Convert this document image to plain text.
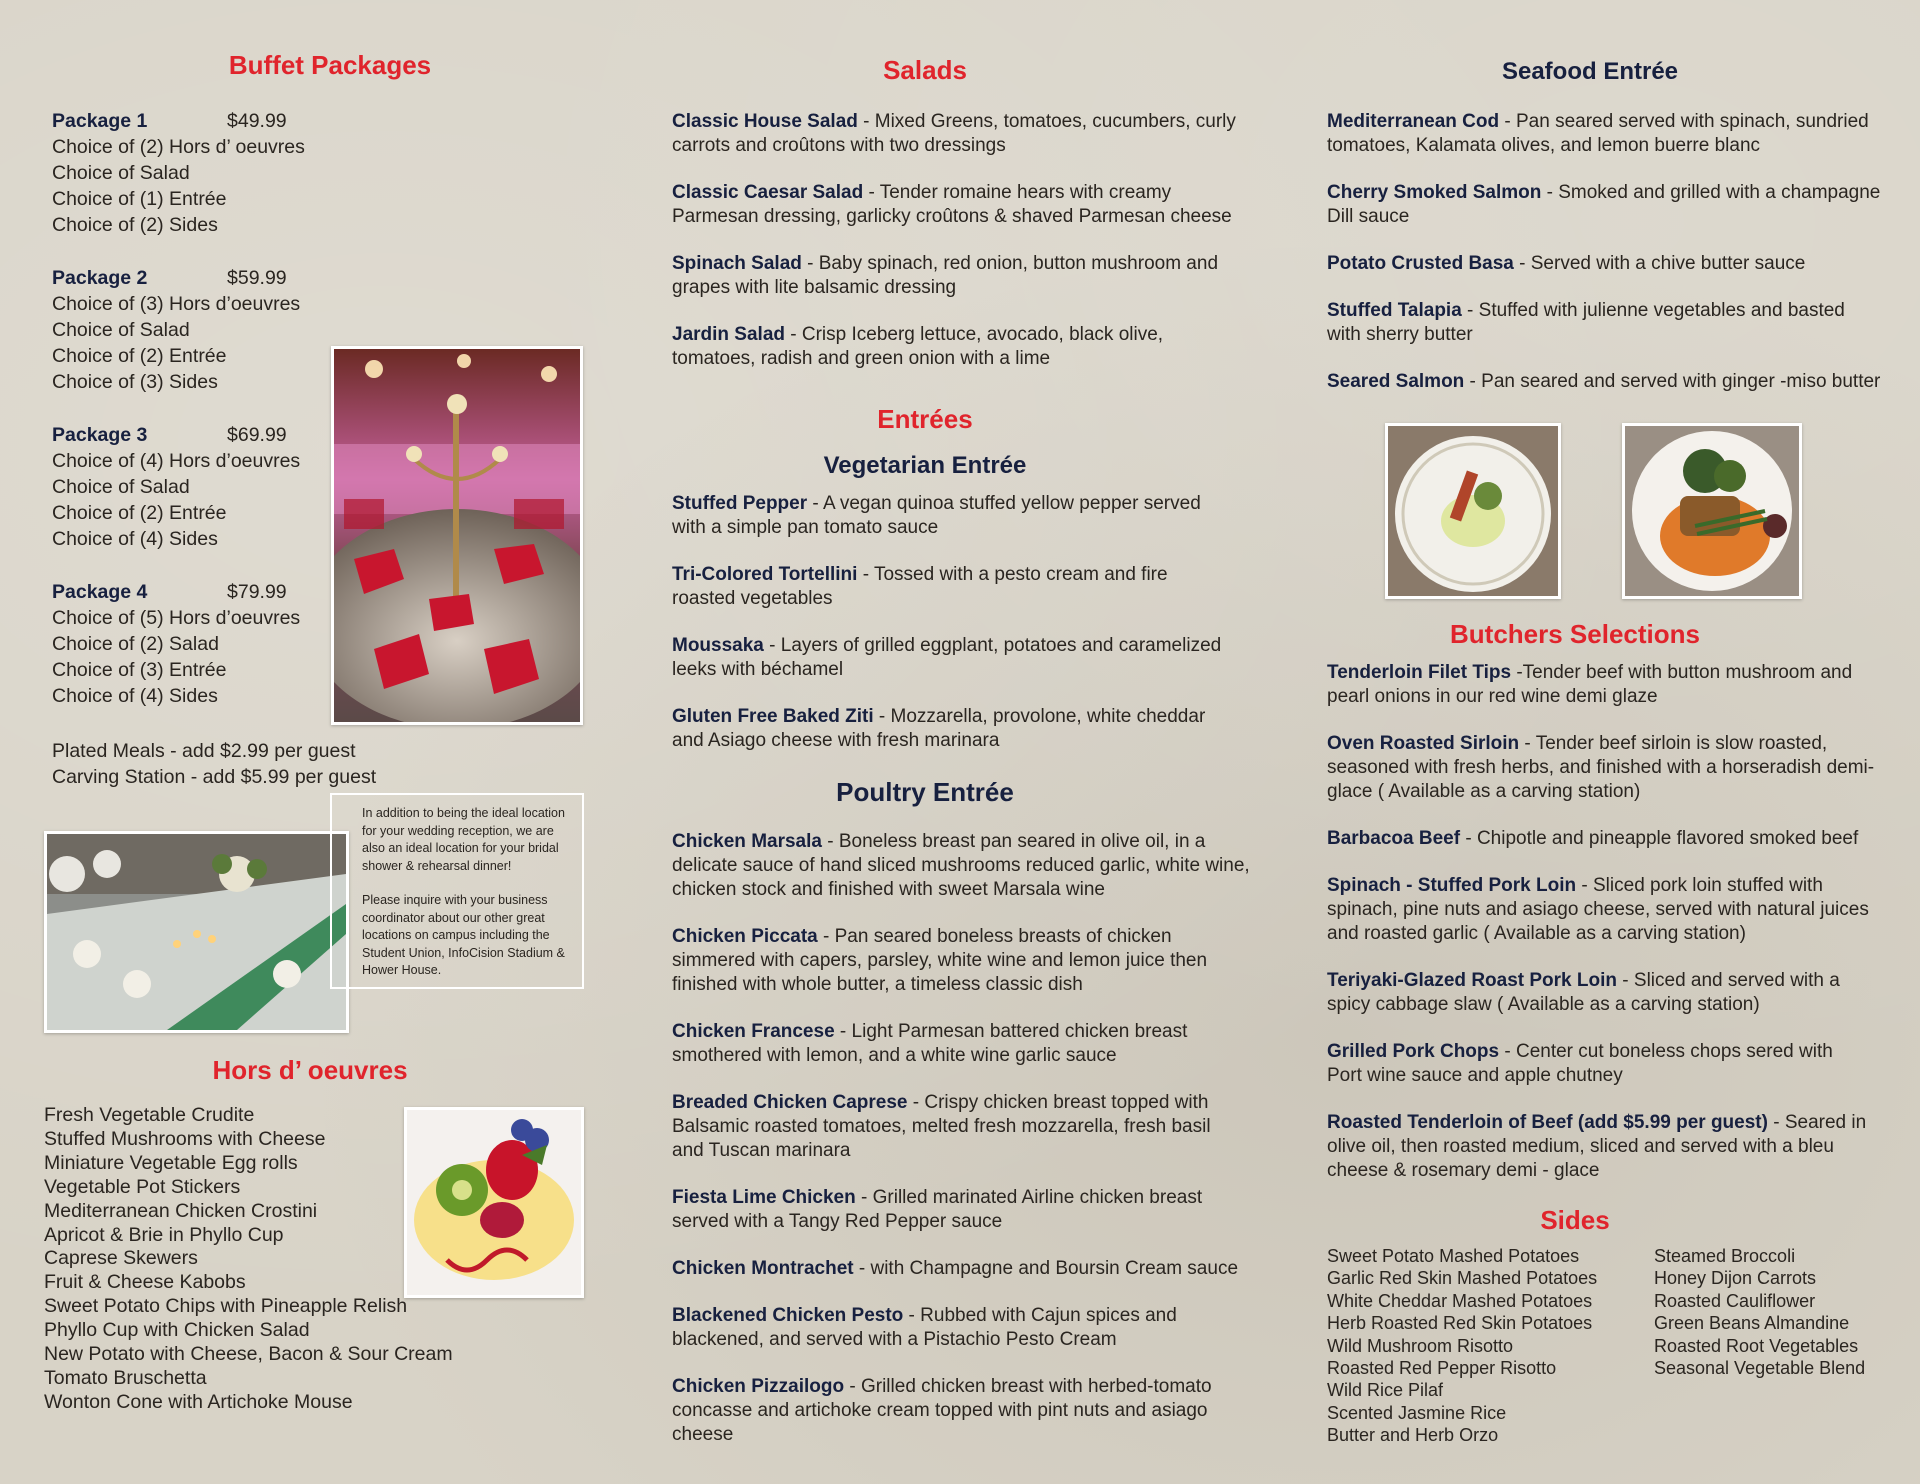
Buffet Packages
Package 1	$49.99
Choice of (2) Hors d’ oeuvres
Choice of Salad
Choice of (1) Entrée
Choice of (2) Sides
Package 2	$59.99
Choice of (3) Hors d’oeuvres
Choice of Salad
Choice of (2) Entrée
Choice of (3) Sides
Package 3	$69.99
Choice of (4) Hors d’oeuvres
Choice of Salad
Choice of (2) Entrée
Choice of (4) Sides
Package 4	$79.99
Choice of (5) Hors d’oeuvres
Choice of (2) Salad
Choice of (3) Entrée
Choice of (4) Sides
Plated Meals - add $2.99 per guest
Carving Station - add $5.99 per guest

In addition to being the ideal location for your wedding reception, we are also an ideal location for your bridal shower & rehearsal dinner!

Please inquire with your business coordinator about our other great locations on campus including the Student Union, InfoCision Stadium & Hower House.

Hors d’ oeuvres
Fresh Vegetable Crudite
Stuffed Mushrooms with Cheese
Miniature Vegetable Egg rolls
Vegetable Pot Stickers
Mediterranean Chicken Crostini
Apricot & Brie in Phyllo Cup
Caprese Skewers
Fruit & Cheese Kabobs
Sweet Potato Chips with Pineapple Relish
Phyllo Cup with Chicken Salad
New Potato with Cheese, Bacon & Sour Cream
Tomato Bruschetta
Wonton Cone with Artichoke Mouse
Salads
Classic House Salad - Mixed Greens, tomatoes, cucumbers, curly carrots and croûtons with two dressings
Classic Caesar Salad - Tender romaine hears with creamy Parmesan dressing, garlicky croûtons & shaved Parmesan cheese
Spinach Salad - Baby spinach, red onion, button mushroom and grapes with lite balsamic dressing
Jardin Salad - Crisp Iceberg lettuce, avocado, black olive, tomatoes, radish and green onion with a lime
Entrées
Vegetarian Entrée
Stuffed Pepper - A vegan quinoa stuffed yellow pepper served with a simple pan tomato sauce
Tri-Colored Tortellini - Tossed with a pesto cream and fire roasted vegetables
Moussaka - Layers of grilled eggplant, potatoes and caramelized leeks with béchamel
Gluten Free Baked Ziti - Mozzarella, provolone, white cheddar and Asiago cheese with fresh marinara
Poultry Entrée
Chicken Marsala - Boneless breast pan seared in olive oil, in a delicate sauce of hand sliced mushrooms reduced garlic, white wine, chicken stock and finished with sweet Marsala wine
Chicken Piccata - Pan seared boneless breasts of chicken simmered with capers, parsley, white wine and lemon juice then finished with whole butter, a timeless classic dish
Chicken Francese - Light Parmesan battered chicken breast smothered with lemon, and a white wine garlic sauce
Breaded Chicken Caprese - Crispy chicken breast topped with Balsamic roasted tomatoes, melted fresh mozzarella, fresh basil and Tuscan marinara
Fiesta Lime Chicken - Grilled marinated Airline chicken breast served with a Tangy Red Pepper sauce
Chicken Montrachet - with Champagne and Boursin Cream sauce
Blackened Chicken Pesto - Rubbed with Cajun spices and blackened, and served with a Pistachio Pesto Cream
Chicken Pizzailogo - Grilled chicken breast with herbed-tomato concasse and artichoke cream topped with pint nuts and asiago cheese
Seafood Entrée
Mediterranean Cod - Pan seared served with spinach, sundried tomatoes, Kalamata olives, and lemon buerre blanc
Cherry Smoked Salmon - Smoked and grilled with a champagne Dill sauce
Potato Crusted Basa - Served with a chive butter sauce
Stuffed Talapia - Stuffed with julienne vegetables and basted with sherry butter
Seared Salmon - Pan seared and served with ginger -miso butter
Butchers Selections
Tenderloin Filet Tips -Tender beef with button mushroom and pearl onions in our red wine demi glaze
Oven Roasted Sirloin - Tender beef sirloin is slow roasted, seasoned with fresh herbs, and finished with a horseradish demi-glace ( Available as a carving station)
Barbacoa Beef - Chipotle and pineapple flavored smoked beef
Spinach - Stuffed Pork Loin - Sliced pork loin stuffed with spinach, pine nuts and asiago cheese, served with natural juices and roasted garlic ( Available as a carving station)
Teriyaki-Glazed Roast Pork Loin - Sliced and served with a spicy cabbage slaw ( Available as a carving station)
Grilled Pork Chops - Center cut boneless chops sered with Port wine sauce and apple chutney
Roasted Tenderloin of Beef (add $5.99 per guest) - Seared in olive oil, then roasted medium, sliced and served with a bleu cheese & rosemary demi - glace
Sides
Sweet Potato Mashed Potatoes
Garlic Red Skin Mashed Potatoes
White Cheddar Mashed Potatoes
Herb Roasted Red Skin Potatoes
Wild Mushroom Risotto
Roasted Red Pepper Risotto
Wild Rice Pilaf
Scented Jasmine Rice
Butter and Herb Orzo
Steamed Broccoli
Honey Dijon Carrots
Roasted Cauliflower
Green Beans Almandine
Roasted Root Vegetables
Seasonal Vegetable Blend
